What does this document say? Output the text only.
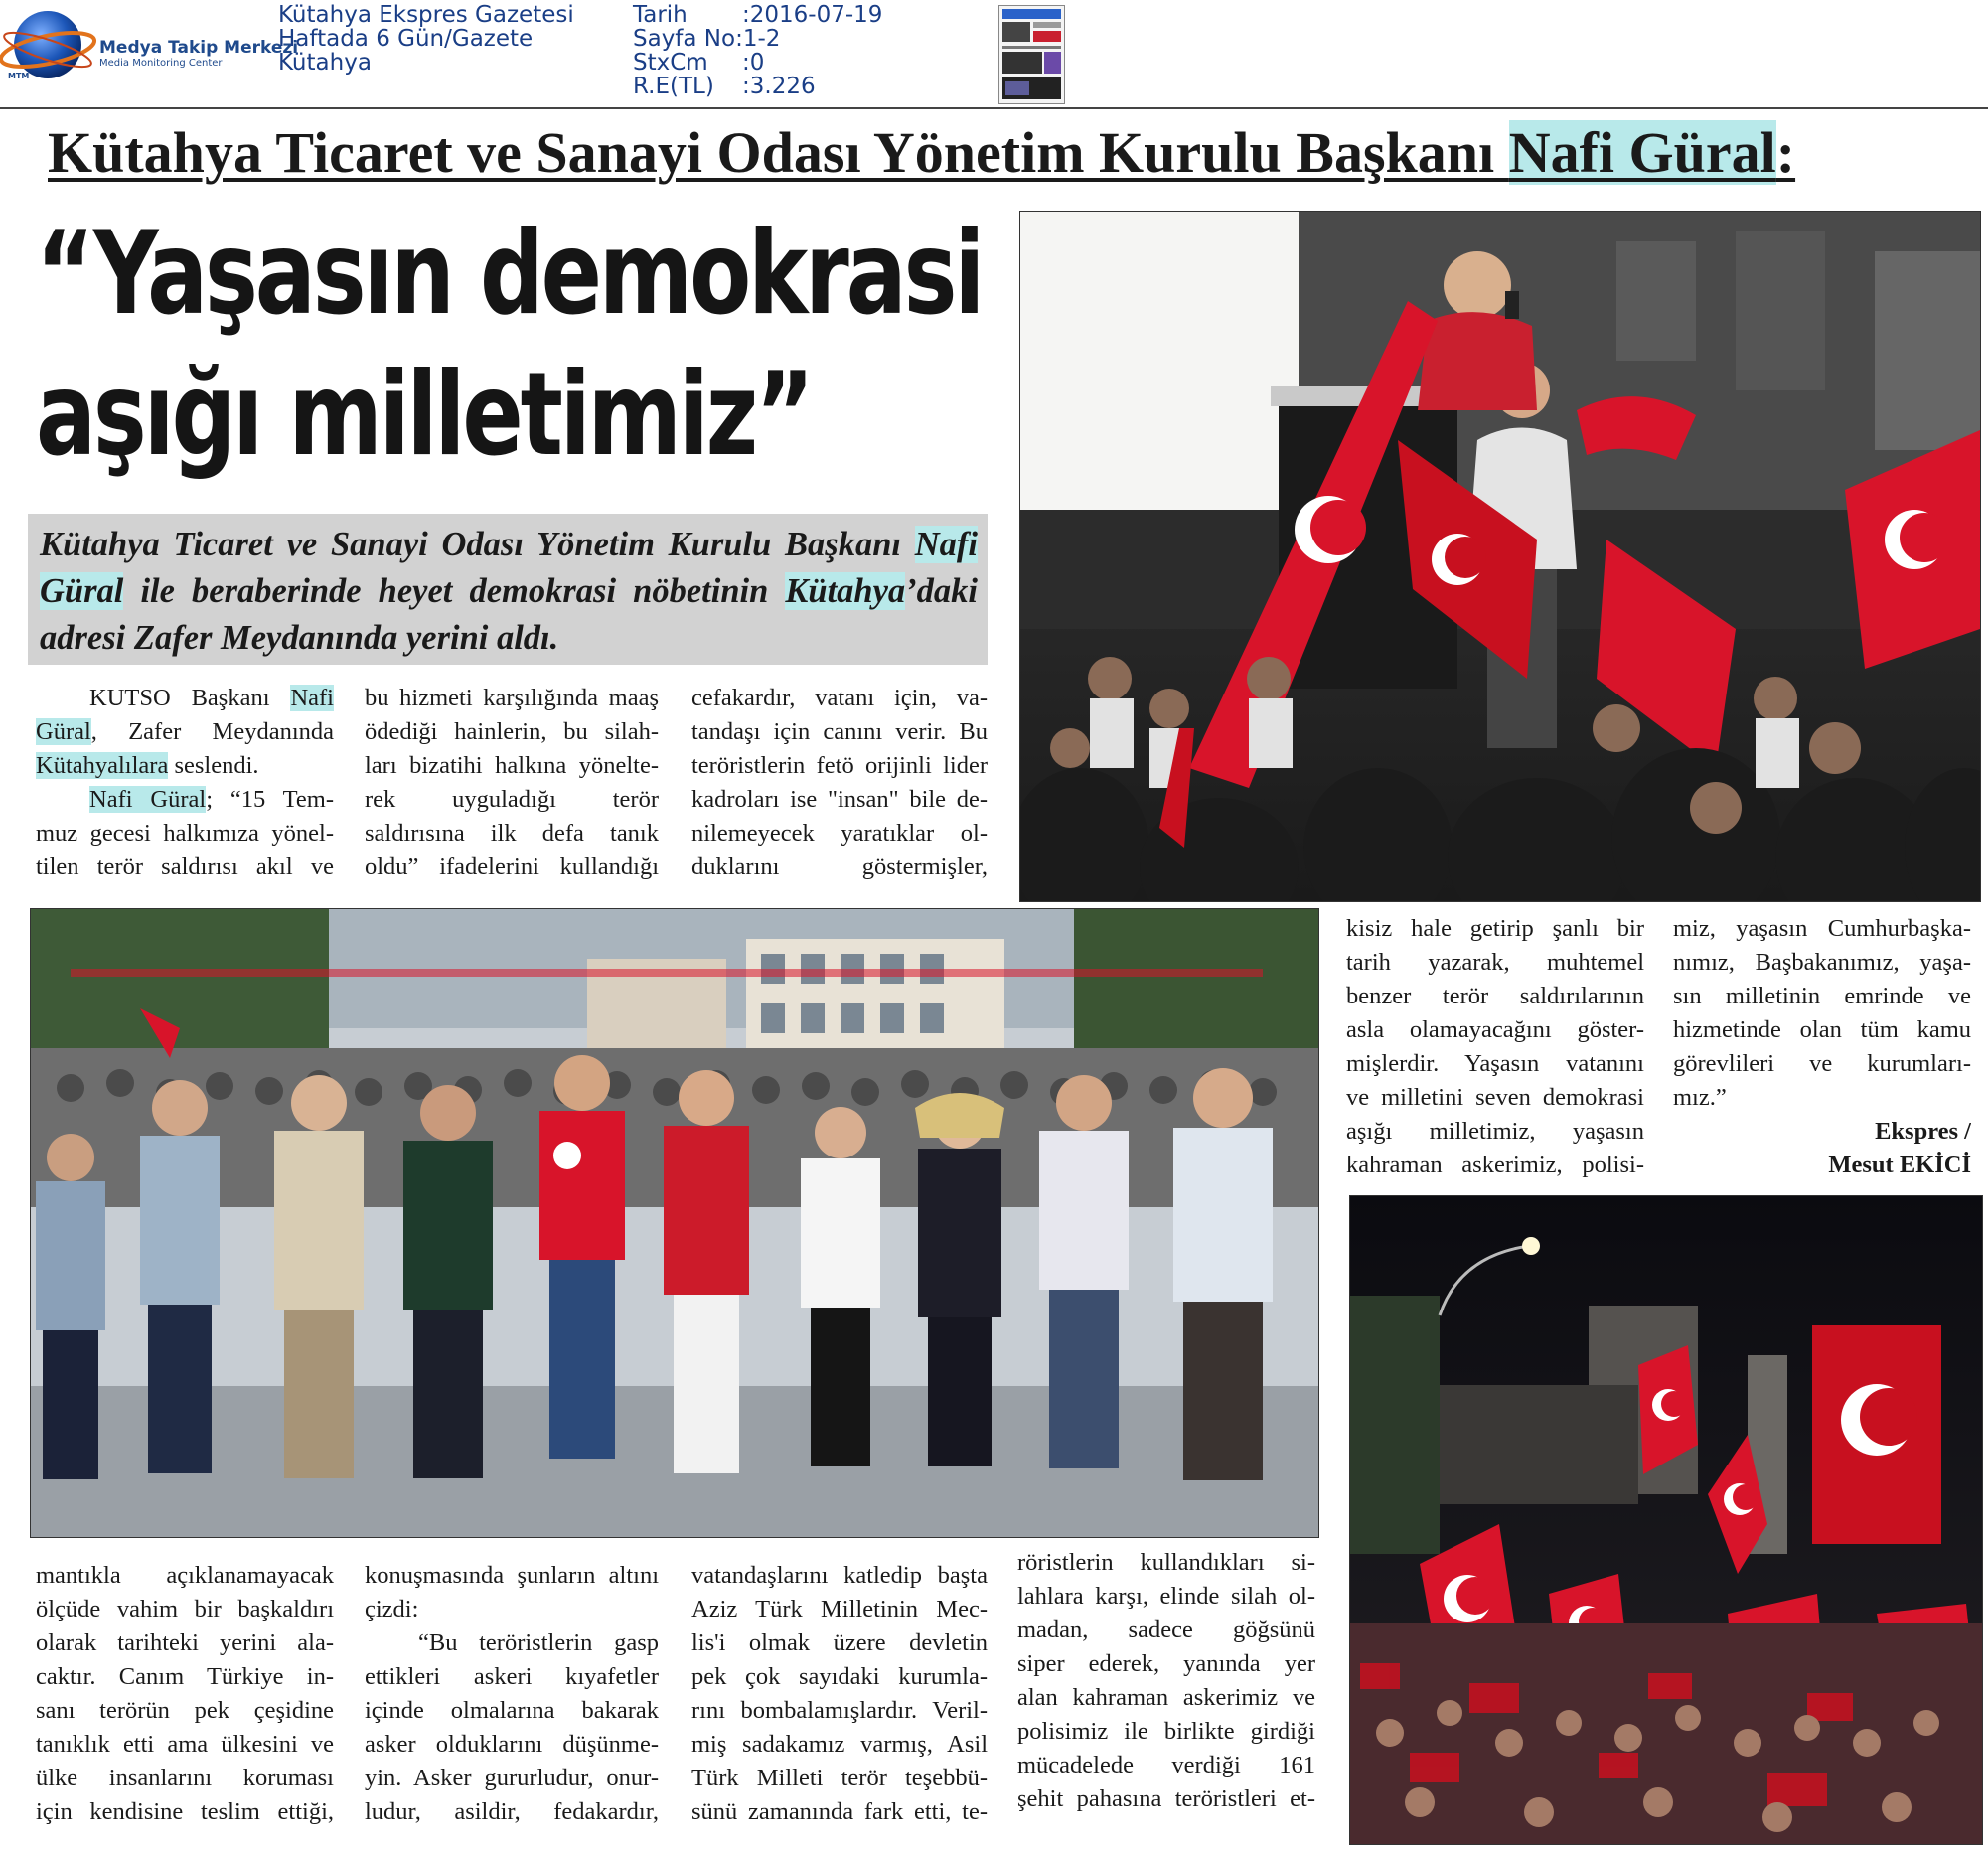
Medya Takip Merkezi
Media Monitoring Center
MTM
Kütahya Ekspres Gazetesi
Haftada 6 Gün/Gazete
Kütahya
Tarih :2016-07-19
Sayfa No:1-2
StxCm :0
R.E(TL) :3.226
Kütahya Ticaret ve Sanayi Odası Yönetim Kurulu Başkanı Nafi Güral:
“Yaşasın demokrasi
aşığı milletimiz”
Kütahya Ticaret ve Sanayi Odası Yönetim Kurulu Başkanı Nafi Güral ile beraberinde heyet demokrasi nöbetinin Kütahya’daki adresi Zafer Meydanında yerini aldı.
KUTSO Başkanı Nafi
Güral, Zafer Meydanında
Kütahyalılara seslendi.
Nafi Güral; “15 Tem-
muz gecesi halkımıza yönel-
tilen terör saldırısı akıl ve
bu hizmeti karşılığında maaş
ödediği hainlerin, bu silah-
ları bizatihi halkına yönelte-
rek uyguladığı terör
saldırısına ilk defa tanık
oldu” ifadelerini kullandığı
cefakardır, vatanı için, va-
tandaşı için canını verir. Bu
teröristlerin fetö orijinli lider
kadroları ise "insan" bile de-
nilemeyecek yaratıklar ol-
duklarını göstermişler,
kisiz hale getirip şanlı bir
tarih yazarak, muhtemel
benzer terör saldırılarının
asla olamayacağını göster-
mişlerdir. Yaşasın vatanını
ve milletini seven demokrasi
aşığı milletimiz, yaşasın
kahraman askerimiz, polisi-
miz, yaşasın Cumhurbaşka-
nımız, Başbakanımız, yaşa-
sın milletinin emrinde ve
hizmetinde olan tüm kamu
görevlileri ve kurumları-
mız.”
Ekspres /
Mesut EKİCİ
mantıkla açıklanamayacak
ölçüde vahim bir başkaldırı
olarak tarihteki yerini ala-
caktır. Canım Türkiye in-
sanı terörün pek çeşidine
tanıklık etti ama ülkesini ve
ülke insanlarını koruması
için kendisine teslim ettiği,
konuşmasında şunların altını
çizdi:
“Bu teröristlerin gasp
ettikleri askeri kıyafetler
içinde olmalarına bakarak
asker olduklarını düşünme-
yin. Asker gururludur, onur-
ludur, asildir, fedakardır,
vatandaşlarını katledip başta
Aziz Türk Milletinin Mec-
lis'i olmak üzere devletin
pek çok sayıdaki kurumla-
rını bombalamışlardır. Veril-
miş sadakamız varmış, Asil
Türk Milleti terör teşebbü-
sünü zamanında fark etti, te-
röristlerin kullandıkları si-
lahlara karşı, elinde silah ol-
madan, sadece göğsünü
siper ederek, yanında yer
alan kahraman askerimiz ve
polisimiz ile birlikte girdiği
mücadelede verdiği 161
şehit pahasına teröristleri et-
